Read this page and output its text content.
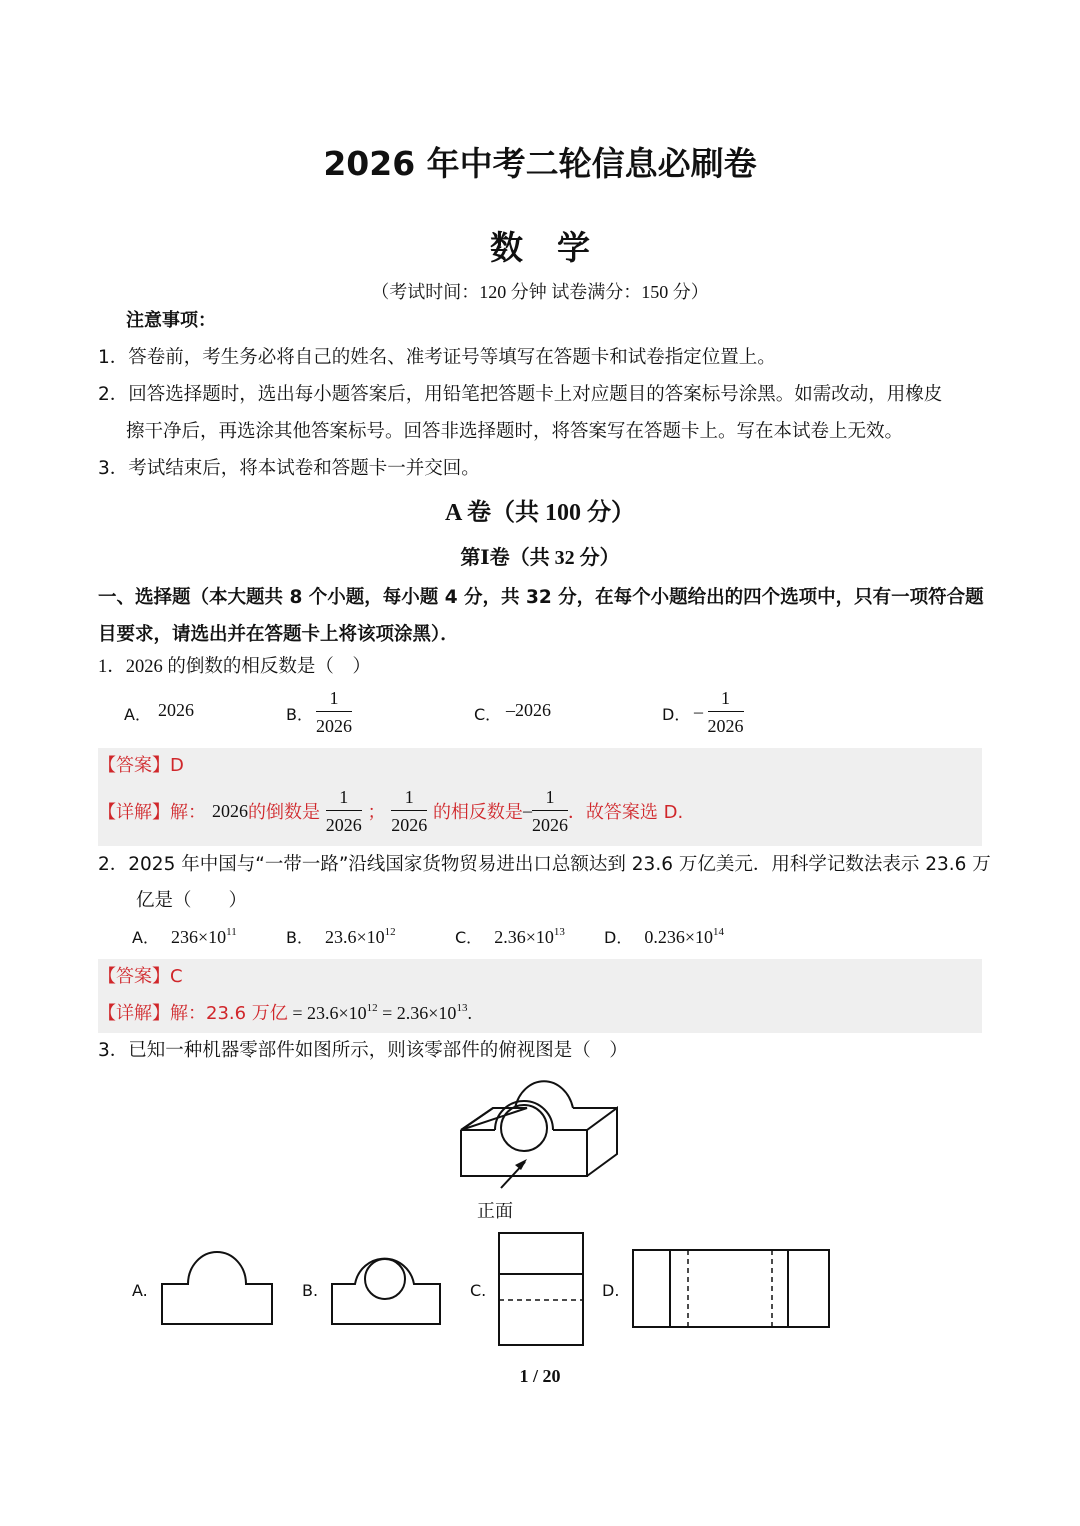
2026 年中考二轮信息必刷卷
数学
（考试时间：120 分钟 试卷满分：150 分）
注意事项：
1．答卷前，考生务必将自己的姓名、准考证号等填写在答题卡和试卷指定位置上。
2．回答选择题时，选出每小题答案后，用铅笔把答题卡上对应题目的答案标号涂黑。如需改动，用橡皮
擦干净后，再选涂其他答案标号。回答非选择题时，将答案写在答题卡上。写在本试卷上无效。
3．考试结束后，将本试卷和答题卡一并交回。
A 卷（共 100 分）
第Ⅰ卷（共 32 分）
一、选择题（本大题共 8 个小题，每小题 4 分，共 32 分，在每个小题给出的四个选项中，只有一项符合题
目要求，请选出并在答题卡上将该项涂黑）．
1．2026 的倒数的相反数是（　）
A． 2026	B． $\frac{1}{2026}$	C． –2026	D． – $\frac{1}{2026}$
【答案】D
【详解】解： 2026的倒数是 $\frac{1}{2026}$ ； $\frac{1}{2026}$ 的相反数是– $\frac{1}{2026}$ ．故答案选 D.
2．2025 年中国与“一带一路”沿线国家货物贸易进出口总额达到 23.6 万亿美元．用科学记数法表示 23.6 万
亿是（　　）
A． $236\times 10^{11}$	B． $23.6\times 10^{12}$	C． $2.36\times 10^{13}$ D． $0.236\times 10^{14}$
【答案】C
【详解】解：23.6 万亿 = $23.6\times 10^{12} = 2.36\times 10^{13}$.
3．已知一种机器零部件如图所示，则该零部件的俯视图是（　）
正面
A.	B.	C.	D.
1 / 20
